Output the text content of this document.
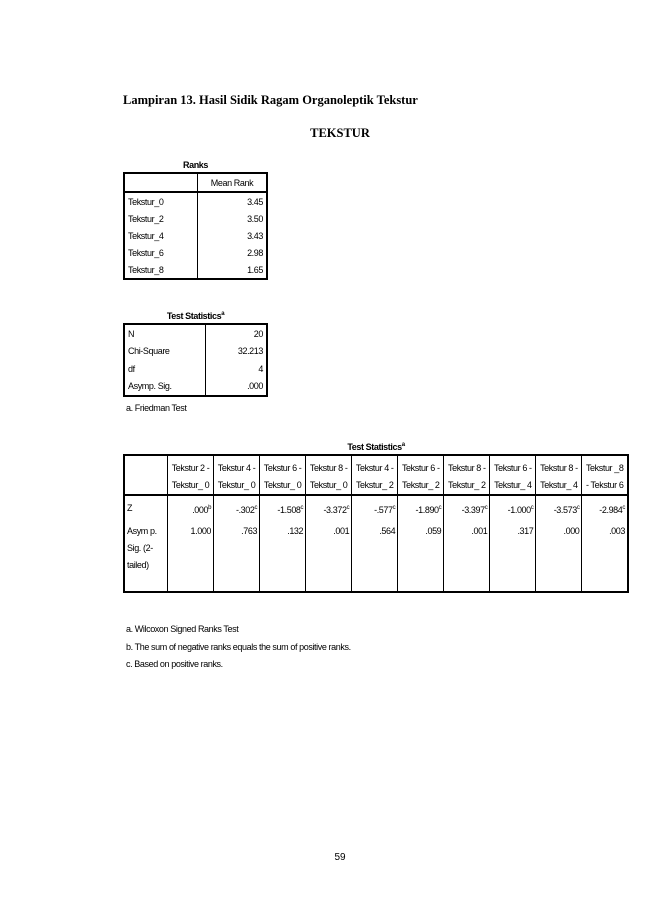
Lampiran 13. Hasil Sidik Ragam Organoleptik Tekstur
TEKSTUR
Ranks
	Mean Rank
Tekstur_0	3.45
Tekstur_2	3.50
Tekstur_4	3.43
Tekstur_6	2.98
Tekstur_8	1.65
Test Statistics$^a$
N	20
Chi-Square	32.213
df	4
Asymp. Sig.	.000
a. Friedman Test
Test Statistics$^a$
	Tekstur 2 - Tekstur_ 0	Tekstur 4 - Tekstur_ 0	Tekstur 6 - Tekstur_ 0	Tekstur 8 - Tekstur_ 0	Tekstur 4 - Tekstur_ 2	Tekstur 6 - Tekstur_ 2	Tekstur 8 - Tekstur_ 2	Tekstur 6 - Tekstur_ 4	Tekstur 8 - Tekstur_ 4	Tekstur _8 - Tekstur 6
Z	.000$^b$	-.302$^c$	-1.508$^c$	-3.372$^c$	-.577$^c$	-1.890$^c$	-3.397$^c$	-1.000$^c$	-3.573$^c$	-2.984$^c$
Asym p. Sig. (2- tailed)	1.000	.763	.132	.001	.564	.059	.001	.317	.000	.003
a. Wilcoxon Signed Ranks Test
b. The sum of negative ranks equals the sum of positive ranks.
c. Based on positive ranks.
59
